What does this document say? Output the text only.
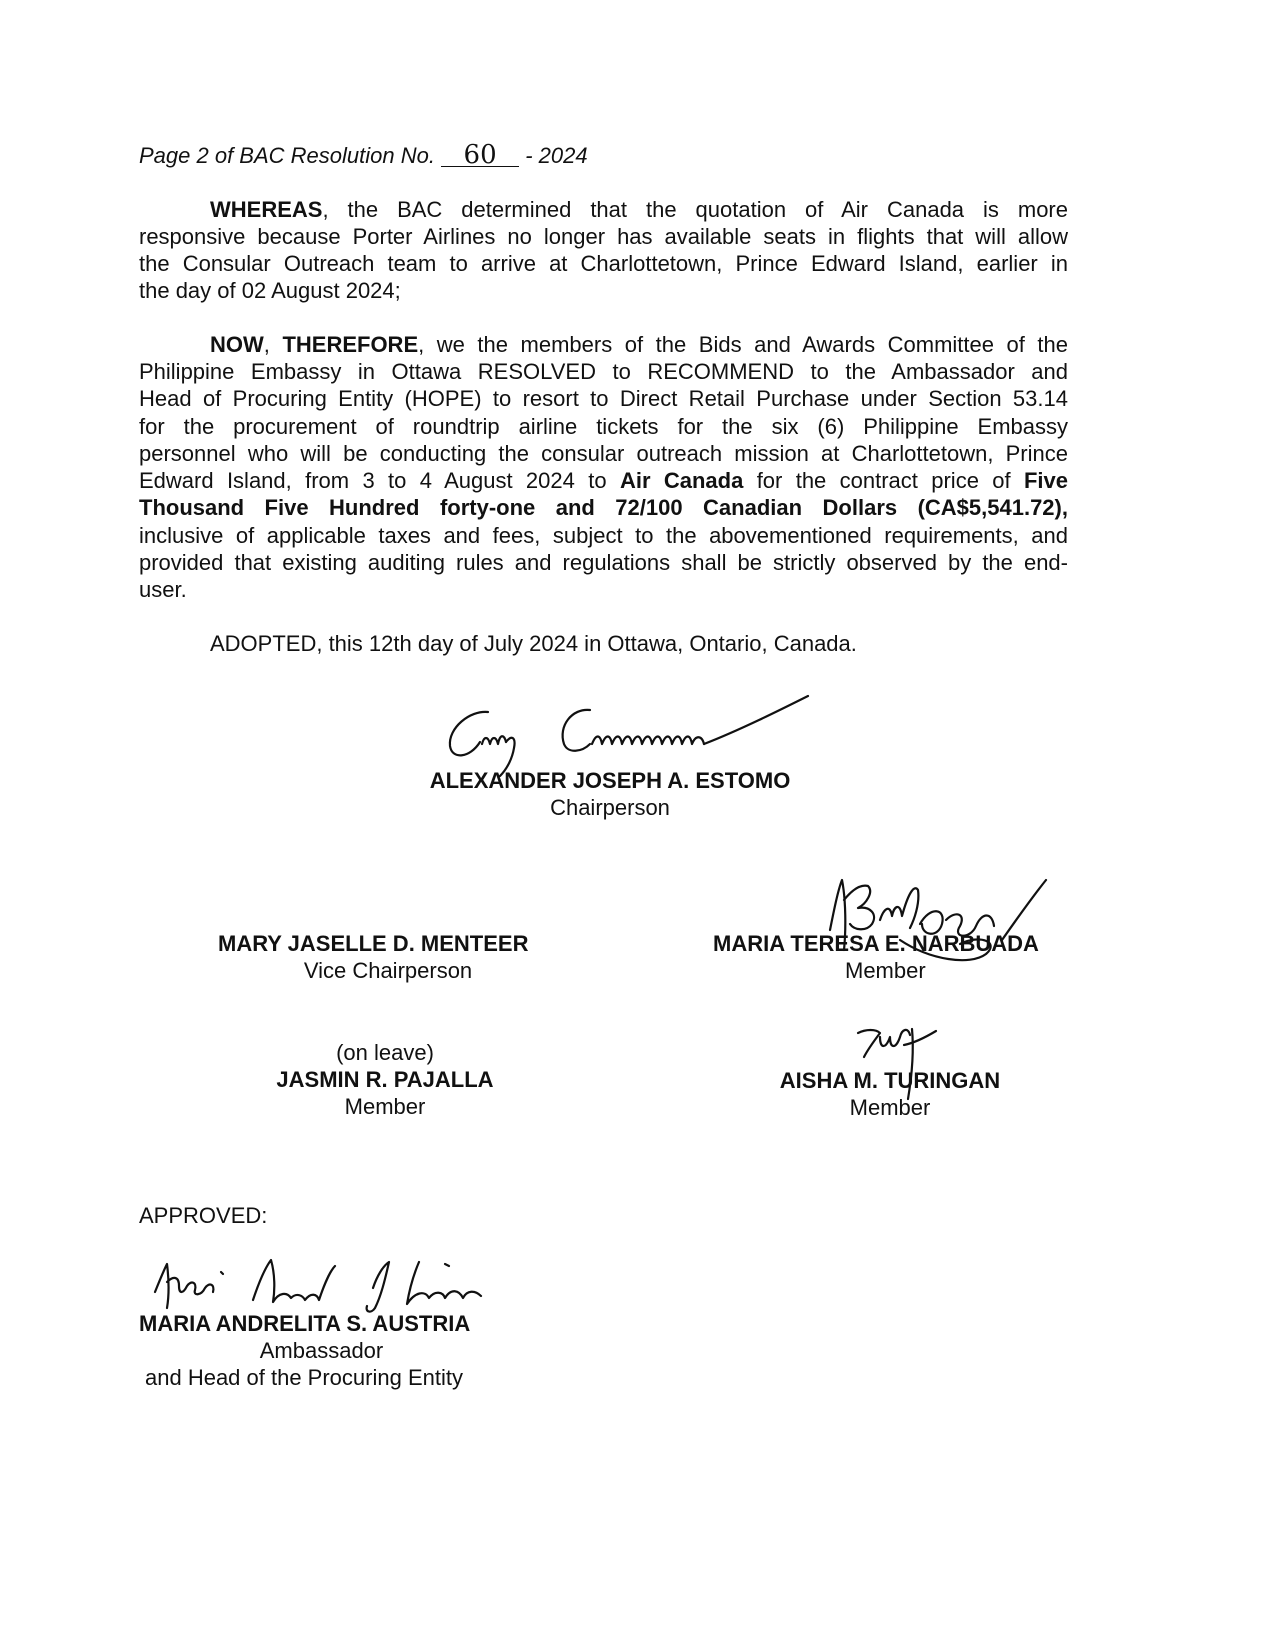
Page 2 of BAC Resolution No. 60 - 2024
WHEREAS, the BAC determined that the quotation of Air Canada is more
responsive because Porter Airlines no longer has available seats in flights that will allow
the Consular Outreach team to arrive at Charlottetown, Prince Edward Island, earlier in
the day of 02 August 2024;
NOW, THEREFORE, we the members of the Bids and Awards Committee of the
Philippine Embassy in Ottawa RESOLVED to RECOMMEND to the Ambassador and
Head of Procuring Entity (HOPE) to resort to Direct Retail Purchase under Section 53.14
for the procurement of roundtrip airline tickets for the six (6) Philippine Embassy
personnel who will be conducting the consular outreach mission at Charlottetown, Prince
Edward Island, from 3 to 4 August 2024 to Air Canada for the contract price of Five
Thousand Five Hundred forty-one and 72/100 Canadian Dollars (CA$5,541.72),
inclusive of applicable taxes and fees, subject to the abovementioned requirements, and
provided that existing auditing rules and regulations shall be strictly observed by the end-
user.
ADOPTED, this 12th day of July 2024 in Ottawa, Ontario, Canada.
ALEXANDER JOSEPH A. ESTOMO
Chairperson
MARY JASELLE D. MENTEER
Vice Chairperson
MARIA TERESA E. NARBUADA
Member
(on leave)
JASMIN R. PAJALLA
Member
AISHA M. TURINGAN
Member
APPROVED:
MARIA ANDRELITA S. AUSTRIA
Ambassador
and Head of the Procuring Entity
